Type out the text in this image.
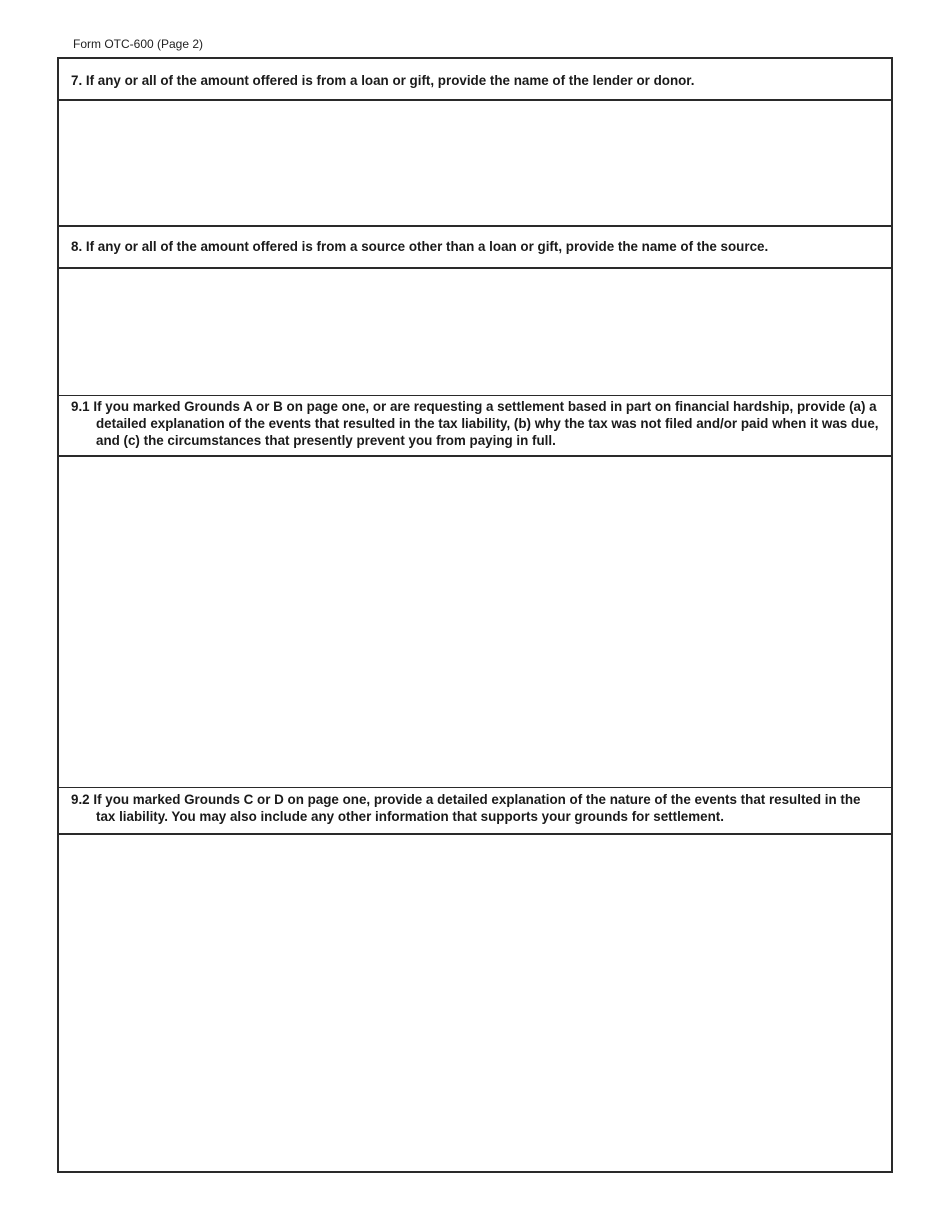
Form OTC-600 (Page 2)
7. If any or all of the amount offered is from a loan or gift, provide the name of the lender or donor.
8. If any or all of the amount offered is from a source other than a loan or gift, provide the name of the source.
9.1 If you marked Grounds A or B on page one, or are requesting a settlement based in part on financial hardship, provide (a) a detailed explanation of the events that resulted in the tax liability, (b) why the tax was not filed and/or paid when it was due, and (c) the circumstances that presently prevent you from paying in full.
9.2 If you marked Grounds C or D on page one, provide a detailed explanation of the nature of the events that resulted in the tax liability. You may also include any other information that supports your grounds for settlement.
